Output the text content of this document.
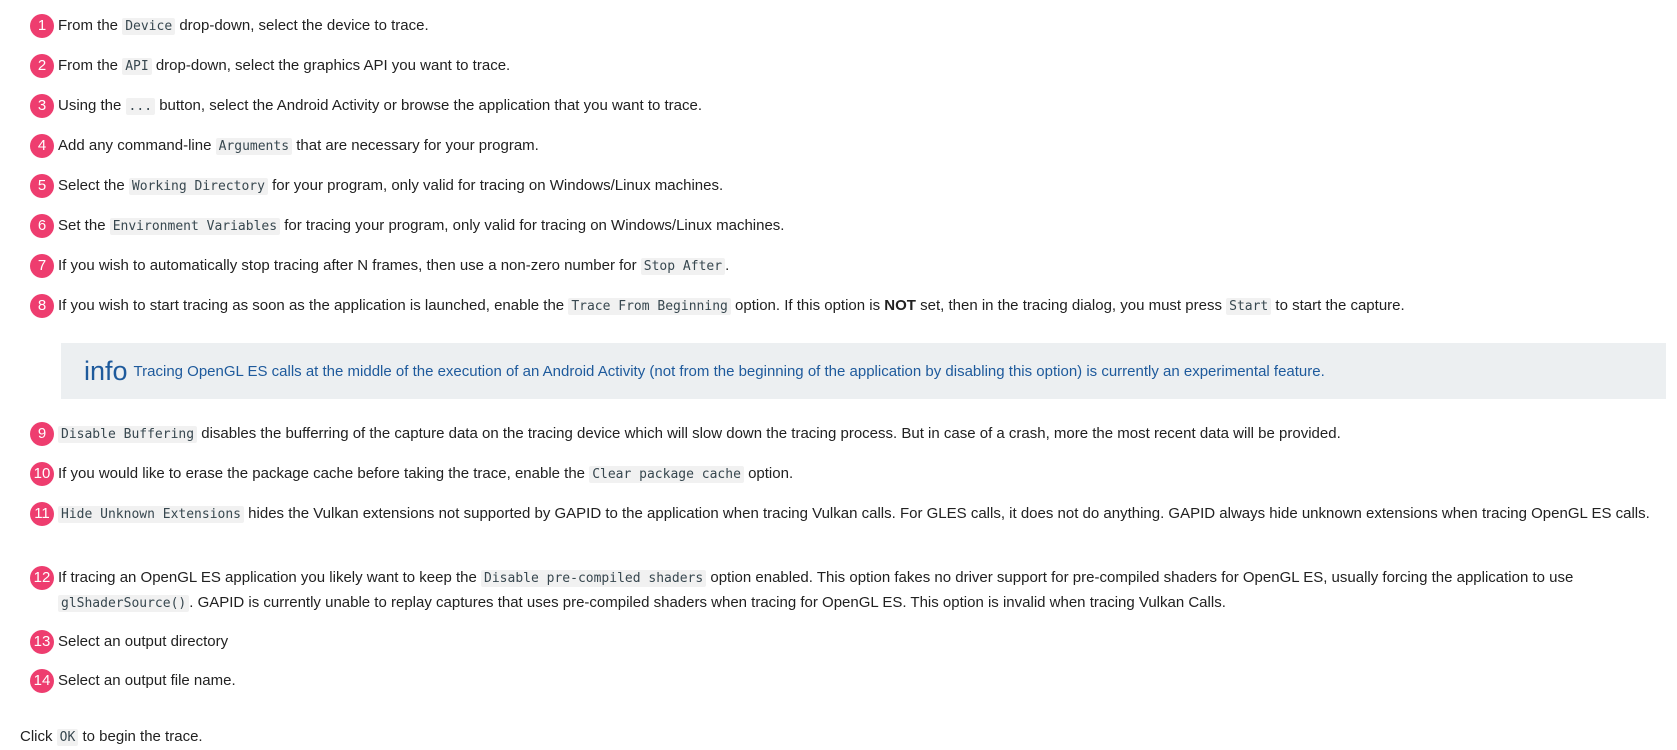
1 From the Device drop-down, select the device to trace.
2 From the API drop-down, select the graphics API you want to trace.
3 Using the ... button, select the Android Activity or browse the application that you want to trace.
4 Add any command-line Arguments that are necessary for your program.
5 Select the Working Directory for your program, only valid for tracing on Windows/Linux machines.
6 Set the Environment Variables for tracing your program, only valid for tracing on Windows/Linux machines.
7 If you wish to automatically stop tracing after N frames, then use a non-zero number for Stop After .
8 If you wish to start tracing as soon as the application is launched, enable the Trace From Beginning option. If this option is NOT set, then in the tracing dialog, you must press Start to start the capture.
9	Disable Buffering disables the bufferring of the capture data on the tracing device which will slow down the tracing process. But in case of a crash, more the most recent data will be provided.
10 If you would like to erase the package cache before taking the trace, enable the Clear package cache option.
11 Hide Unknown Extensions hides the Vulkan extensions not supported by GAPID to the application when tracing Vulkan calls. For GLES calls, it does not do anything. GAPID always hide unknown extensions when tracing OpenGL ES calls.
12 If tracing an OpenGL ES application you likely want to keep the Disable pre-compiled shaders option enabled. This option fakes no driver support for pre-compiled shaders for OpenGL ES, usually forcing the application to use glShaderSource() . GAPID is currently unable to replay captures that uses pre-compiled shaders when tracing for OpenGL ES. This option is invalid when tracing Vulkan Calls.
13 Select an output directory
14 Select an output file name.
info Tracing OpenGL ES calls at the middle of the execution of an Android Activity (not from the beginning of the application by disabling this option) is currently an experimental feature.
Click OK to begin the trace.
